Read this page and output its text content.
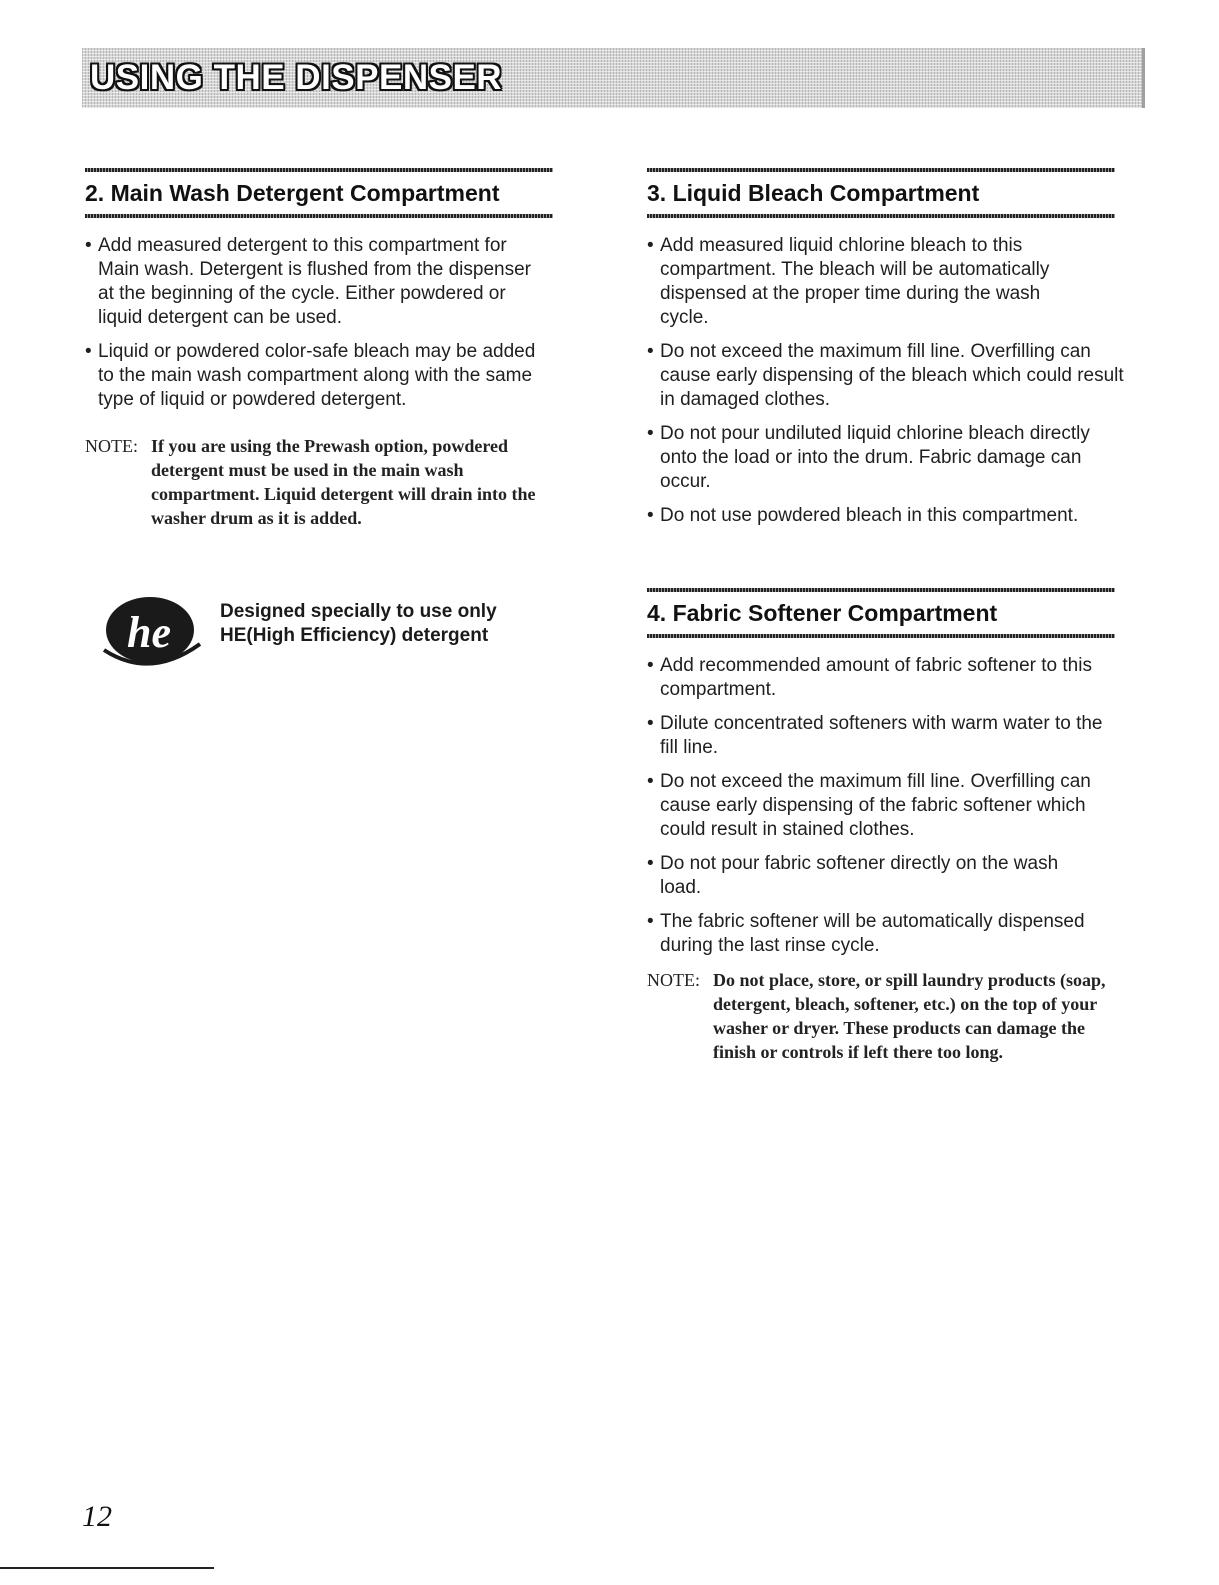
USING THE DISPENSER
2. Main Wash Detergent Compartment
• Add measured detergent to this compartment for Main wash. Detergent is flushed from the dispenser at the beginning of the cycle. Either powdered or liquid detergent can be used.
• Liquid or powdered color-safe bleach may be added to the main wash compartment along with the same type of liquid or powdered detergent.
NOTE: If you are using the Prewash option, powdered detergent must be used in the main wash compartment. Liquid detergent will drain into the washer drum as it is added.
he	Designed specially to use only
HE(High Efficiency) detergent

3. Liquid Bleach Compartment
• Add measured liquid chlorine bleach to this compartment. The bleach will be automatically dispensed at the proper time during the wash cycle.
• Do not exceed the maximum fill line. Overfilling can cause early dispensing of the bleach which could result in damaged clothes.
• Do not pour undiluted liquid chlorine bleach directly onto the load or into the drum. Fabric damage can occur.
• Do not use powdered bleach in this compartment.
4. Fabric Softener Compartment
• Add recommended amount of fabric softener to this compartment.
• Dilute concentrated softeners with warm water to the fill line.
• Do not exceed the maximum fill line. Overfilling can cause early dispensing of the fabric softener which could result in stained clothes.
• Do not pour fabric softener directly on the wash load.
• The fabric softener will be automatically dispensed during the last rinse cycle.
NOTE: Do not place, store, or spill laundry products (soap, detergent, bleach, softener, etc.) on the top of your washer or dryer. These products can damage the finish or controls if left there too long.
12
